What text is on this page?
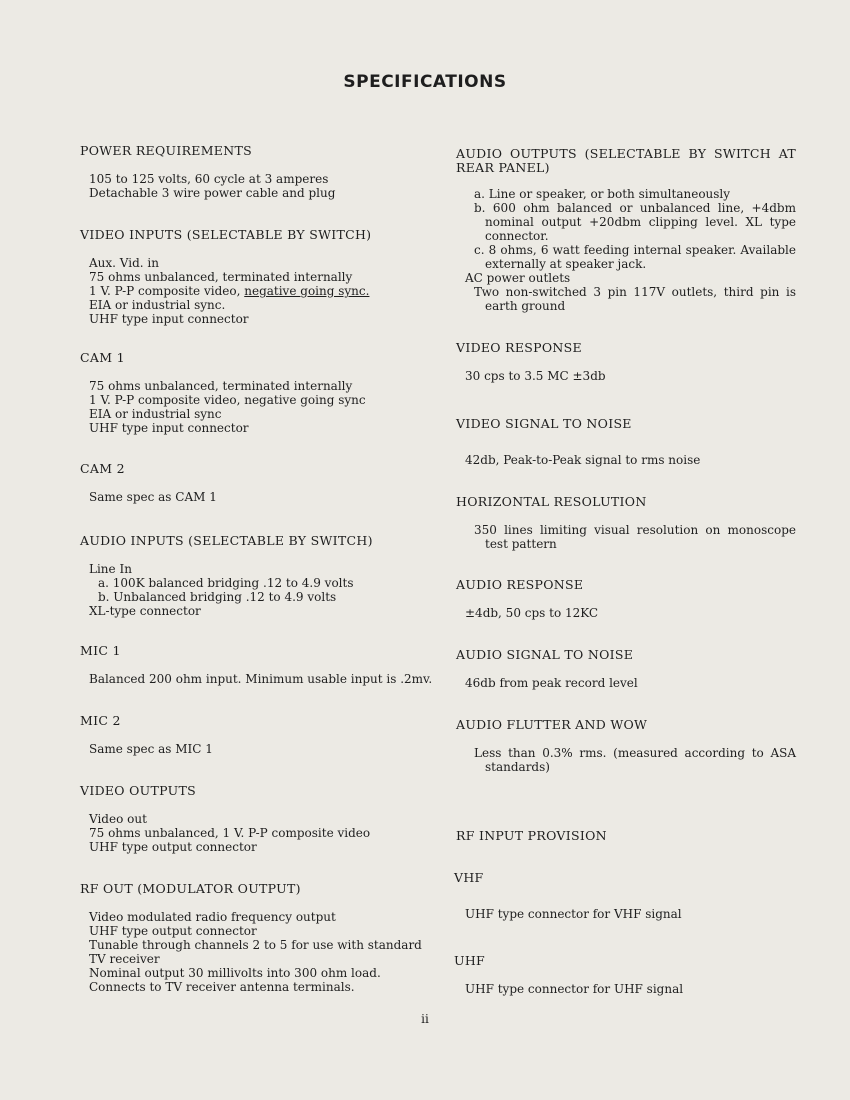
SPECIFICATIONS
POWER REQUIREMENTS
105 to 125 volts, 60 cycle at 3 amperes
Detachable 3 wire power cable and plug
VIDEO INPUTS (SELECTABLE BY SWITCH)
Aux. Vid. in
75 ohms unbalanced, terminated internally
1 V. P-P composite video, negative going sync.
EIA or industrial sync.
UHF type input connector
CAM 1
75 ohms unbalanced, terminated internally
1 V. P-P composite video, negative going sync
EIA or industrial sync
UHF type input connector
CAM 2
Same spec as CAM 1
AUDIO INPUTS (SELECTABLE BY SWITCH)
Line In
a. 100K balanced bridging .12 to 4.9 volts
b. Unbalanced bridging .12 to 4.9 volts
XL-type connector
MIC 1
Balanced 200 ohm input. Minimum usable input is .2mv.
MIC 2
Same spec as MIC 1
VIDEO OUTPUTS
Video out
75 ohms unbalanced, 1 V. P-P composite video
UHF type output connector
RF OUT (MODULATOR OUTPUT)
Video modulated radio frequency output
UHF type output connector
Tunable through channels 2 to 5 for use with standard
TV receiver
Nominal output 30 millivolts into 300 ohm load.
Connects to TV receiver antenna terminals.
AUDIO OUTPUTS (SELECTABLE BY SWITCH AT
REAR PANEL)
a. Line or speaker, or both simultaneously
b. 600 ohm balanced or unbalanced line, +4dbm nominal output +20dbm clipping level. XL type connector.
c. 8 ohms, 6 watt feeding internal speaker. Available externally at speaker jack.
AC power outlets
Two non-switched 3 pin 117V outlets, third pin is earth ground
VIDEO RESPONSE
30 cps to 3.5 MC ±3db
VIDEO SIGNAL TO NOISE
42db, Peak-to-Peak signal to rms noise
HORIZONTAL RESOLUTION
350 lines limiting visual resolution on monoscope test pattern
AUDIO RESPONSE
±4db, 50 cps to 12KC
AUDIO SIGNAL TO NOISE
46db from peak record level
AUDIO FLUTTER AND WOW
Less than 0.3% rms. (measured according to ASA standards)
RF INPUT PROVISION
VHF
UHF type connector for VHF signal
UHF
UHF type connector for UHF signal
ii
